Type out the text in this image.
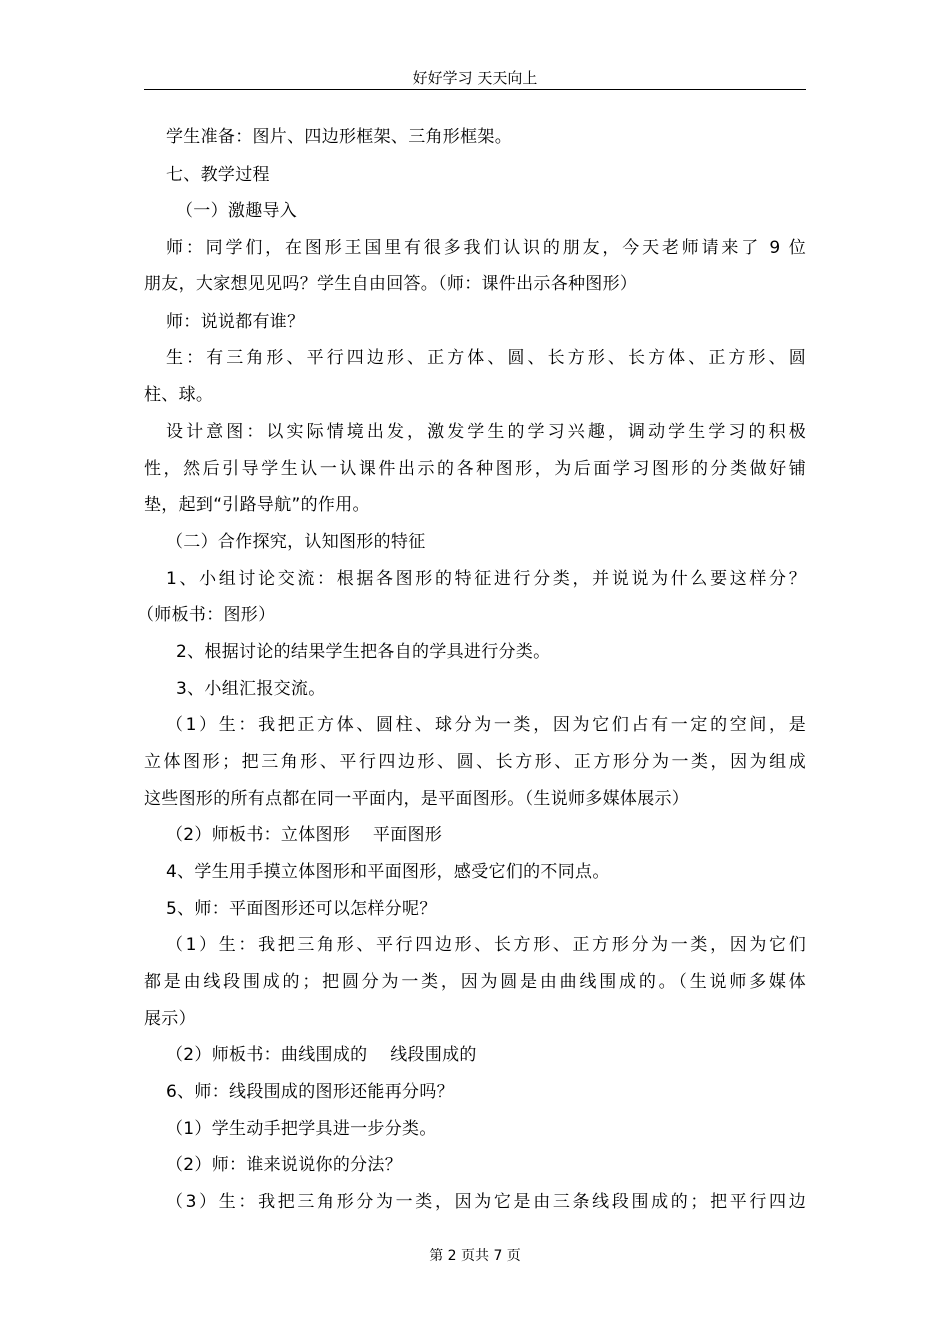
好好学习 天天向上
学生准备：图片、四边形框架、三角形框架。
七、教学过程
（一）激趣导入
师：同学们，在图形王国里有很多我们认识的朋友，今天老师请来了 9 位
朋友，大家想见见吗？学生自由回答。（师：课件出示各种图形）
师：说说都有谁？
生：有三角形、平行四边形、正方体、圆、长方形、长方体、正方形、圆
柱、球。
设计意图：以实际情境出发，激发学生的学习兴趣，调动学生学习的积极
性，然后引导学生认一认课件出示的各种图形，为后面学习图形的分类做好铺
垫，起到“引路导航”的作用。
（二）合作探究，认知图形的特征
1、小组讨论交流：根据各图形的特征进行分类，并说说为什么要这样分？
（师板书：图形）
2、根据讨论的结果学生把各自的学具进行分类。
3、小组汇报交流。
（1）生：我把正方体、圆柱、球分为一类，因为它们占有一定的空间，是
立体图形；把三角形、平行四边形、圆、长方形、正方形分为一类，因为组成
这些图形的所有点都在同一平面内，是平面图形。（生说师多媒体展示）
（2）师板书：立体图形    平面图形
4、学生用手摸立体图形和平面图形，感受它们的不同点。
5、师：平面图形还可以怎样分呢？
（1）生：我把三角形、平行四边形、长方形、正方形分为一类，因为它们
都是由线段围成的；把圆分为一类，因为圆是由曲线围成的。（生说师多媒体
展示）
（2）师板书：曲线围成的    线段围成的
6、师：线段围成的图形还能再分吗？
（1）学生动手把学具进一步分类。
（2）师：谁来说说你的分法？
（3）生：我把三角形分为一类，因为它是由三条线段围成的；把平行四边
第 2 页共 7 页
